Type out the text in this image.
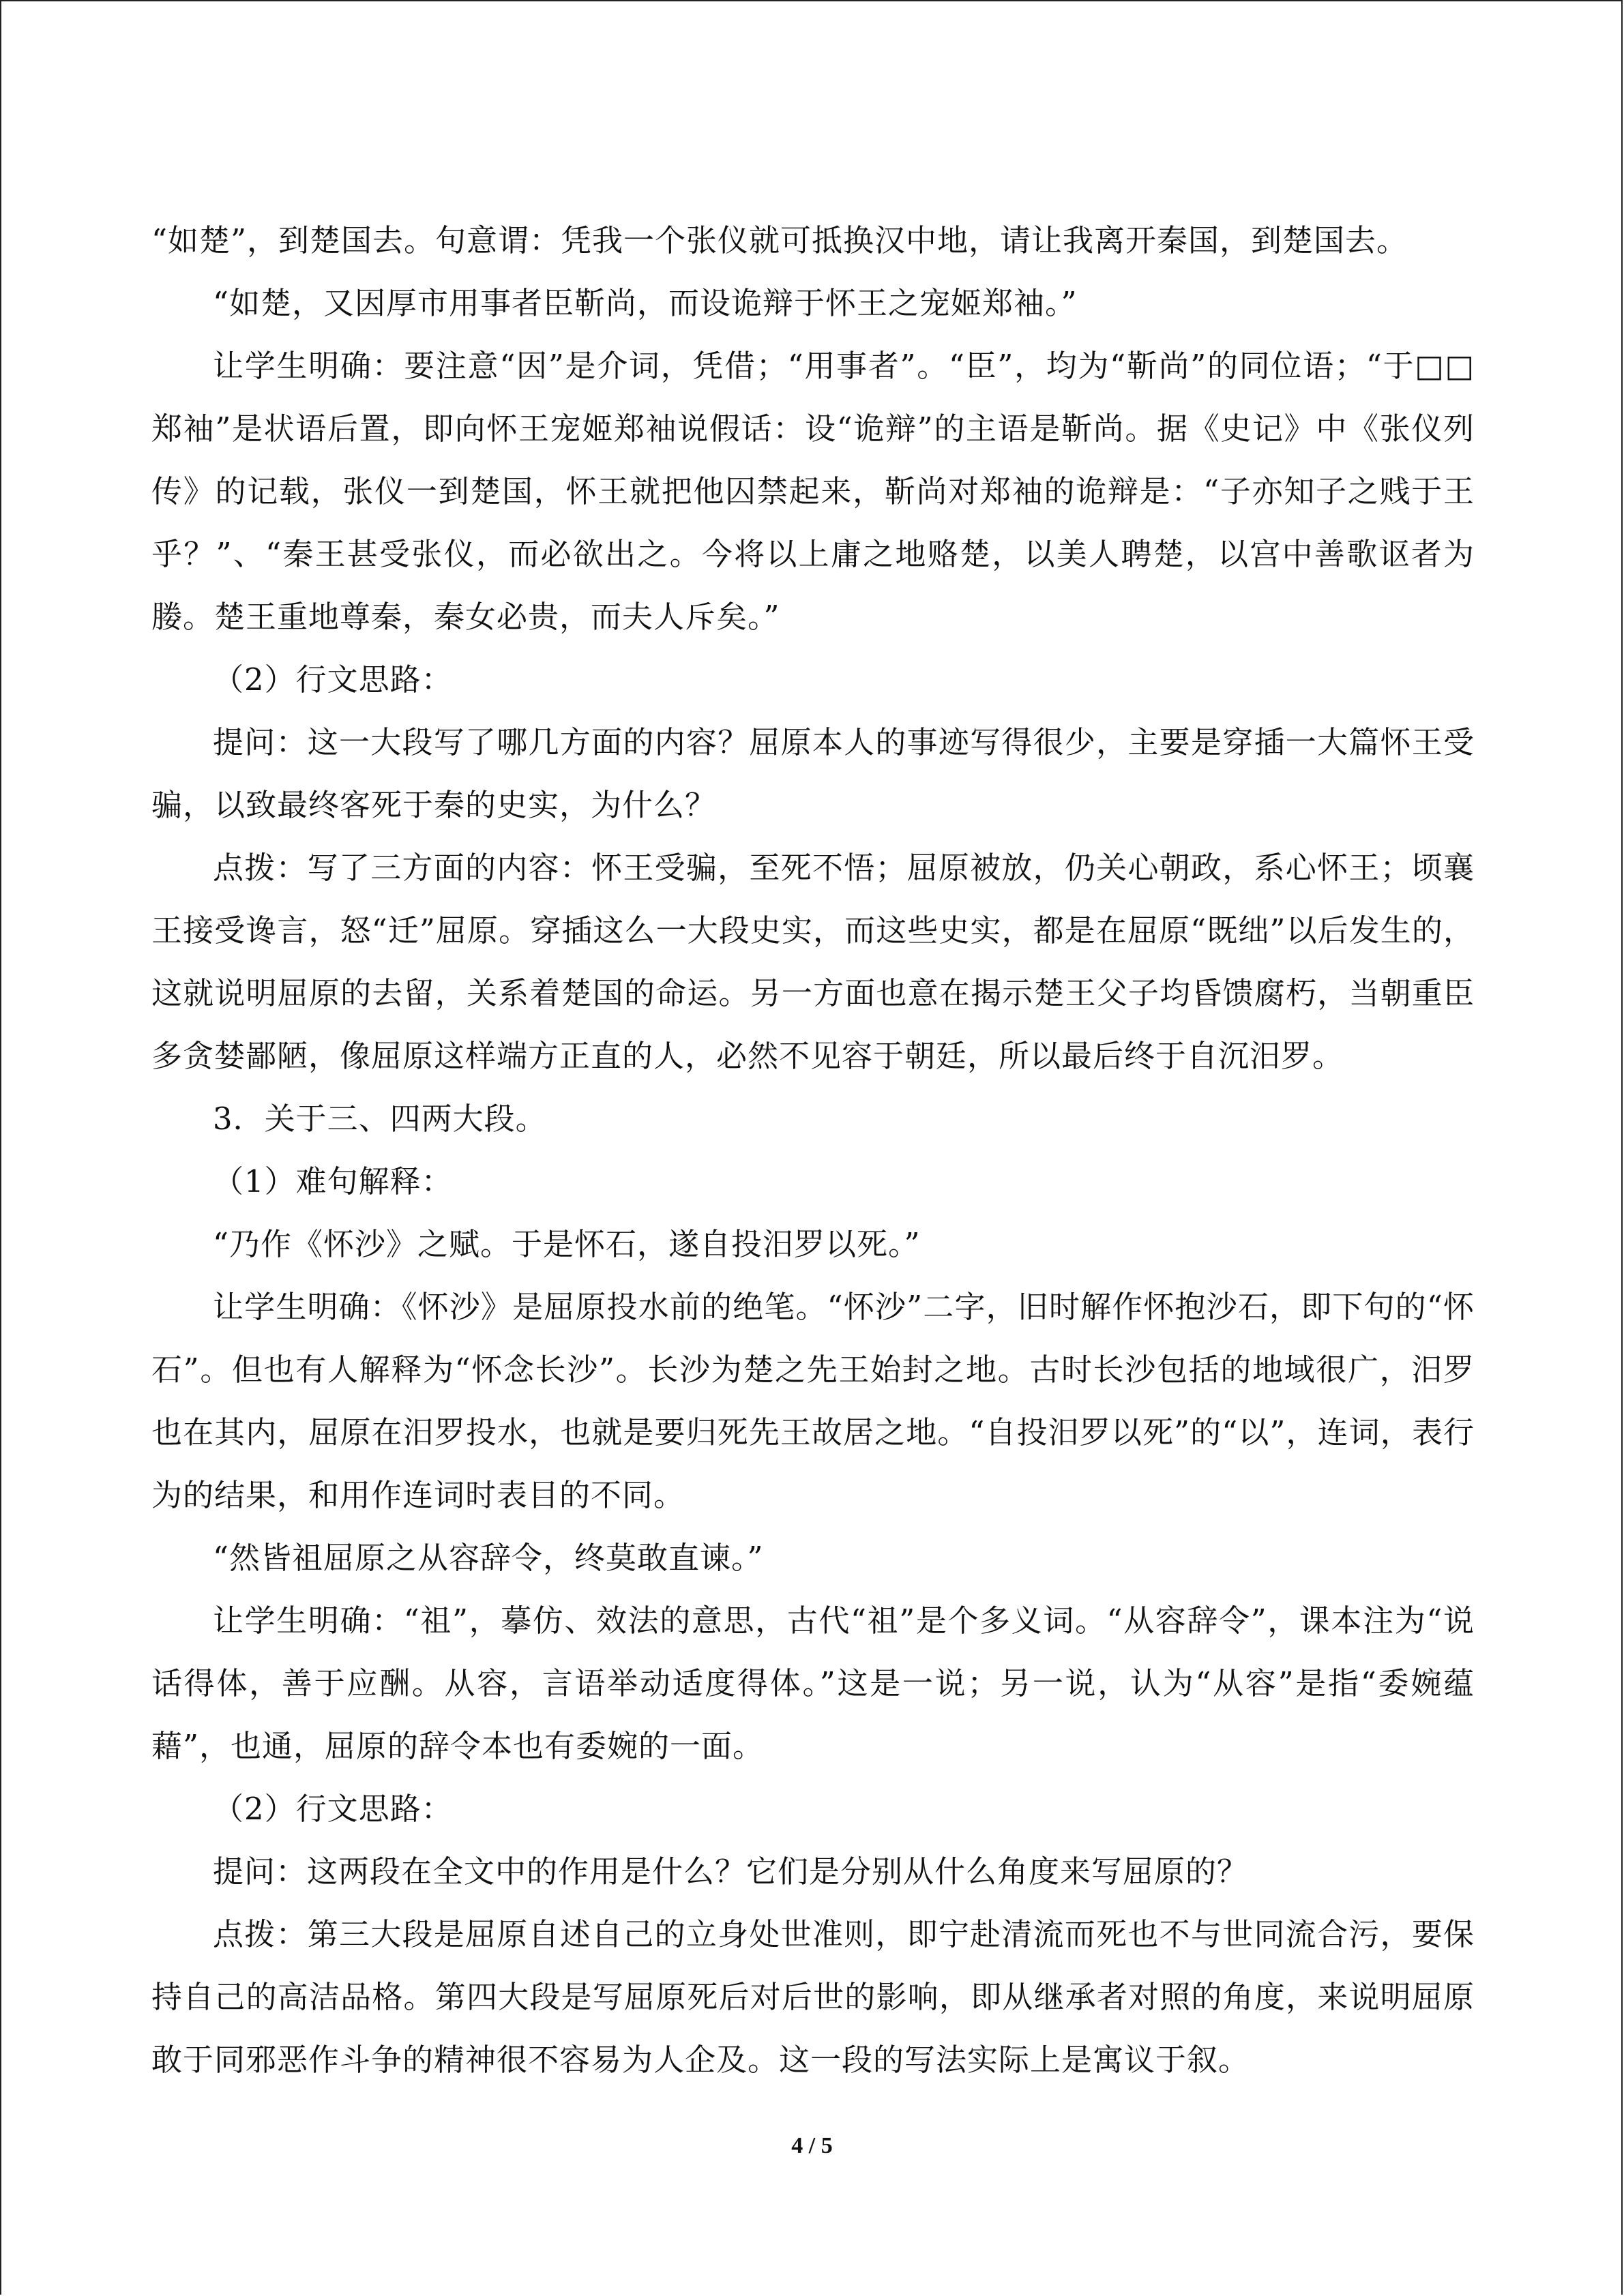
“如楚”，到楚国去。句意谓：凭我一个张仪就可抵换汉中地，请让我离开秦国，到楚国去。

“如楚，又因厚市用事者臣靳尚，而设诡辩于怀王之宠姬郑袖。”

让学生明确：要注意“因”是介词，凭借；“用事者”。“臣”，均为“靳尚”的同位语；“于□□郑袖”是状语后置，即向怀王宠姬郑袖说假话：设“诡辩”的主语是靳尚。据《史记》中《张仪列传》的记载，张仪一到楚国，怀王就把他囚禁起来，靳尚对郑袖的诡辩是：“子亦知子之贱于王乎？”、“秦王甚受张仪，而必欲出之。今将以上庸之地赂楚，以美人聘楚，以宫中善歌讴者为媵。楚王重地尊秦，秦女必贵，而夫人斥矣。”

（2）行文思路：

提问：这一大段写了哪几方面的内容？屈原本人的事迹写得很少，主要是穿插一大篇怀王受骗，以致最终客死于秦的史实，为什么？

点拨：写了三方面的内容：怀王受骗，至死不悟；屈原被放，仍关心朝政，系心怀王；顷襄王接受谗言，怒“迁”屈原。穿插这么一大段史实，而这些史实，都是在屈原“既绌”以后发生的，这就说明屈原的去留，关系着楚国的命运。另一方面也意在揭示楚王父子均昏馈腐朽，当朝重臣多贪婪鄙陋，像屈原这样端方正直的人，必然不见容于朝廷，所以最后终于自沉汨罗。

3．关于三、四两大段。

（1）难句解释：

“乃作《怀沙》之赋。于是怀石，遂自投汨罗以死。”

让学生明确：《怀沙》是屈原投水前的绝笔。“怀沙”二字，旧时解作怀抱沙石，即下句的“怀石”。但也有人解释为“怀念长沙”。长沙为楚之先王始封之地。古时长沙包括的地域很广，汨罗也在其内，屈原在汨罗投水，也就是要归死先王故居之地。“自投汨罗以死”的“以”，连词，表行为的结果，和用作连词时表目的不同。

“然皆祖屈原之从容辞令，终莫敢直谏。”

让学生明确：“祖”，摹仿、效法的意思，古代“祖”是个多义词。“从容辞令”，课本注为“说话得体，善于应酬。从容，言语举动适度得体。”这是一说；另一说，认为“从容”是指“委婉蕴藉”，也通，屈原的辞令本也有委婉的一面。

（2）行文思路：

提问：这两段在全文中的作用是什么？它们是分别从什么角度来写屈原的？

点拨：第三大段是屈原自述自己的立身处世准则，即宁赴清流而死也不与世同流合污，要保持自己的高洁品格。第四大段是写屈原死后对后世的影响，即从继承者对照的角度，来说明屈原敢于同邪恶作斗争的精神很不容易为人企及。这一段的写法实际上是寓议于叙。

4 / 5
